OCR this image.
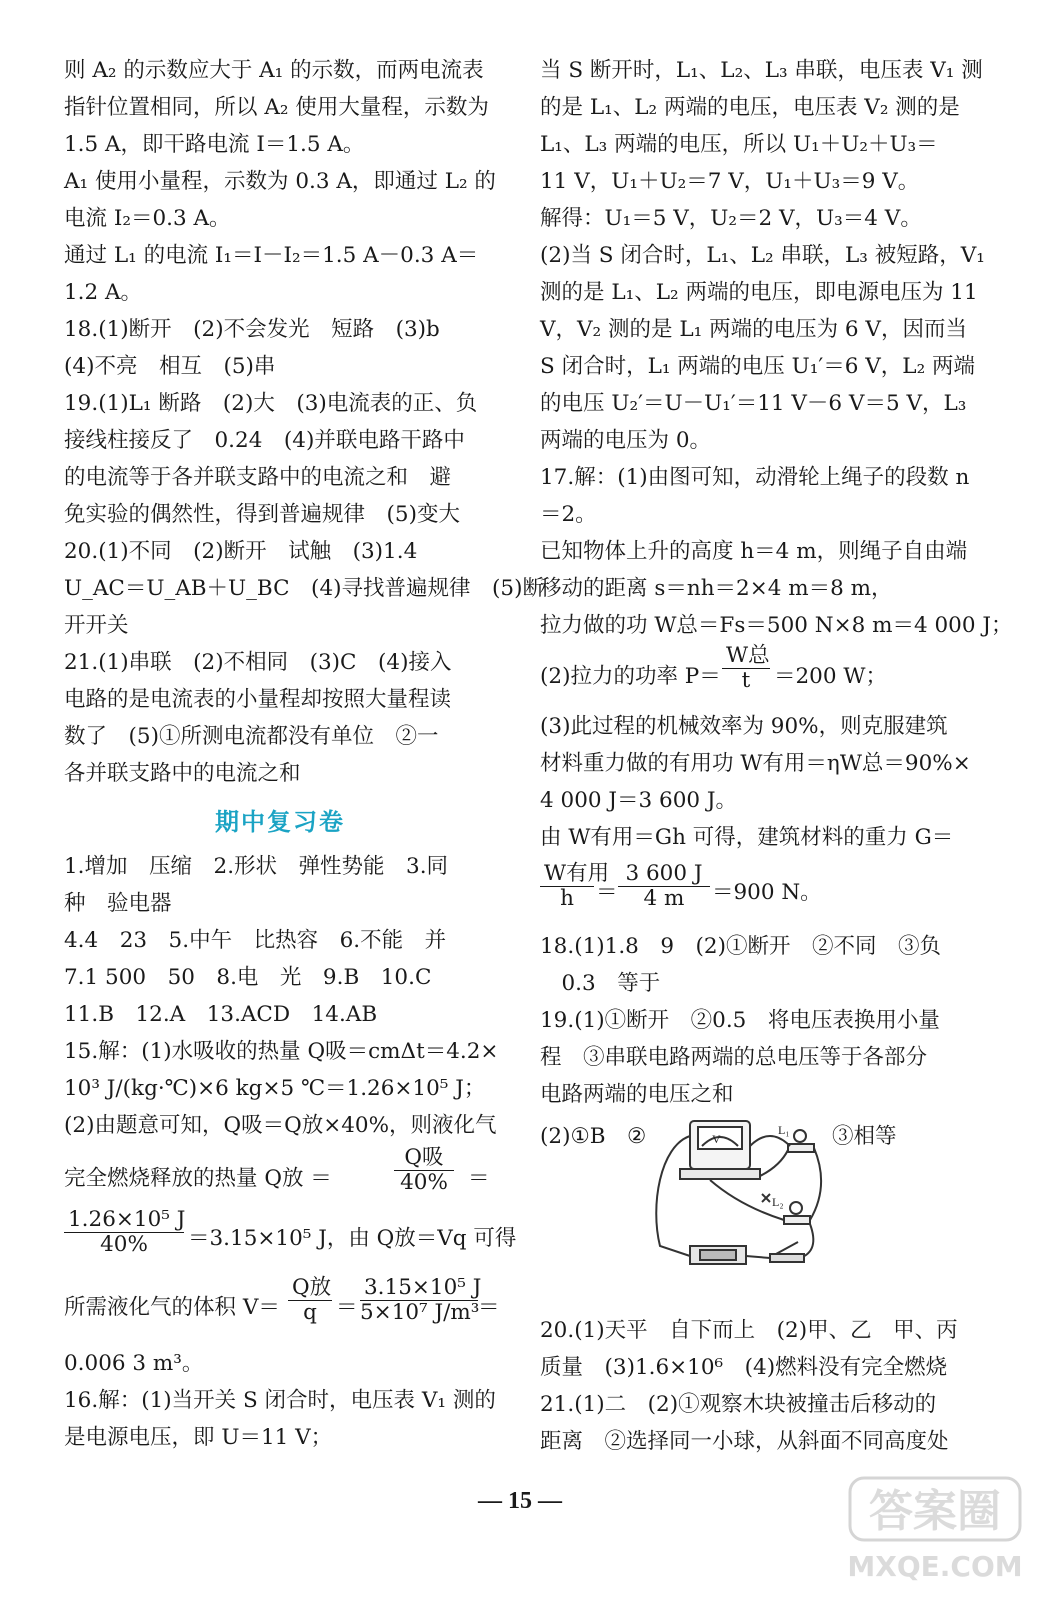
则 A₂ 的示数应大于 A₁ 的示数，而两电流表
指针位置相同，所以 A₂ 使用大量程，示数为
1.5 A，即干路电流 I＝1.5 A。
A₁ 使用小量程，示数为 0.3 A，即通过 L₂ 的
电流 I₂＝0.3 A。
通过 L₁ 的电流 I₁＝I－I₂＝1.5 A－0.3 A＝
1.2 A。
18.(1)断开　(2)不会发光　短路　(3)b
(4)不亮　相互　(5)串
19.(1)L₁ 断路　(2)大　(3)电流表的正、负
接线柱接反了　0.24　(4)并联电路干路中
的电流等于各并联支路中的电流之和　避
免实验的偶然性，得到普遍规律　(5)变大
20.(1)不同　(2)断开　试触　(3)1.4
U_AC＝U_AB＋U_BC　(4)寻找普遍规律　(5)断
开开关
21.(1)串联　(2)不相同　(3)C　(4)接入
电路的是电流表的小量程却按照大量程读
数了　(5)①所测电流都没有单位　②一
各并联支路中的电流之和
期中复习卷
1.增加　压缩　2.形状　弹性势能　3.同
种　验电器
4.4　23　5.中午　比热容　6.不能　并
7.1 500　50　8.电　光　9.B　10.C
11.B　12.A　13.ACD　14.AB
15.解：(1)水吸收的热量 Q吸＝cmΔt＝4.2×
10³ J/(kg·℃)×6 kg×5 ℃＝1.26×10⁵ J；
(2)由题意可知，Q吸＝Q放×40%，则液化气
完全燃烧释放的热量 Q放 ＝
Q吸
40% ＝
$\frac{\text{1.26×10⁵ J}}{40\%} =3.15\times 10^5$ J，由 Q放＝Vq 可得
所需液化气的体积 V＝
Q放
$q = \frac{\text{3.15×10⁵ J}}{\text{5×10⁷ J/m³}}$ ＝
0.006 3 m³。
16.解：(1)当开关 S 闭合时，电压表 V₁ 测的
是电源电压，即 U＝11 V；
当 S 断开时，L₁、L₂、L₃ 串联，电压表 V₁ 测
的是 L₁、L₂ 两端的电压，电压表 V₂ 测的是
L₁、L₃ 两端的电压，所以 U₁＋U₂＋U₃＝
11 V，U₁＋U₂＝7 V，U₁＋U₃＝9 V。
解得：U₁＝5 V，U₂＝2 V，U₃＝4 V。
(2)当 S 闭合时，L₁、L₂ 串联，L₃ 被短路，V₁
测的是 L₁、L₂ 两端的电压，即电源电压为 11
V，V₂ 测的是 L₁ 两端的电压为 6 V，因而当
S 闭合时，L₁ 两端的电压 U₁′＝6 V，L₂ 两端
的电压 U₂′＝U－U₁′＝11 V－6 V＝5 V，L₃
两端的电压为 0。
17.解：(1)由图可知，动滑轮上绳子的段数 n
＝2。
已知物体上升的高度 h＝4 m，则绳子自由端
移动的距离 s＝nh＝2×4 m＝8 m，
拉力做的功 W总＝Fs＝500 N×8 m＝4 000 J；
(2)拉力的功率 P＝
W总
t	＝200 W；
(3)此过程的机械效率为 90%，则克服建筑
材料重力做的有用功 W有用＝ηW总＝90%×
4 000 J＝3 600 J。
由 W有用＝Gh 可得，建筑材料的重力 G＝
W有用
h	＝ $\frac{3 600 J}{4 m} =900$ N。
18.(1)1.8　9　(2)①断开　②不同　③负
　0.3　等于
19.(1)①断开　②0.5　将电压表换用小量
程　③串联电路两端的总电压等于各部分
电路两端的电压之和
(2)①B　②	③相等
V
L₁
L₂
20.(1)天平　自下而上　(2)甲、乙　甲、丙
质量　(3)1.6×10⁶　(4)燃料没有完全燃烧
21.(1)二　(2)①观察木块被撞击后移动的
距离　②选择同一小球，从斜面不同高度处
— 15 —	答案圈
MXQE.COM
